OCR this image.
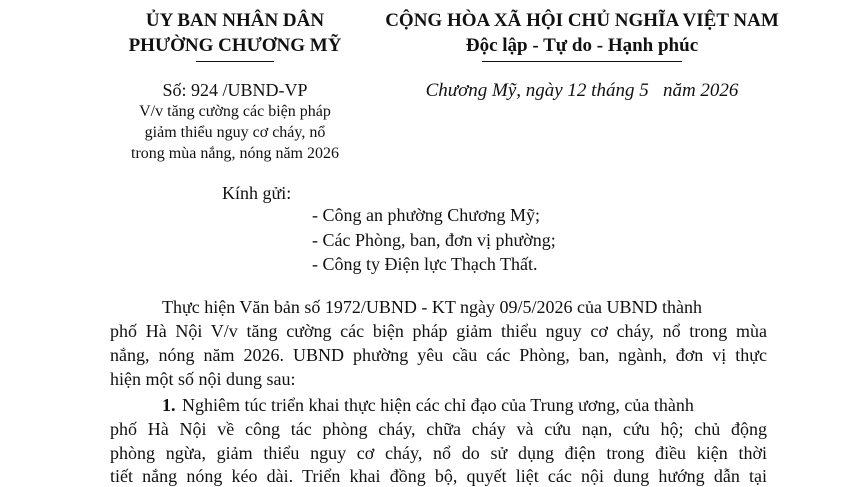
ỦY BAN NHÂN DÂN
PHƯỜNG CHƯƠNG MỸ
CỘNG HÒA XÃ HỘI CHỦ NGHĨA VIỆT NAM
Độc lập - Tự do - Hạnh phúc
Số: 924 /UBND-VP
V/v tăng cường các biện pháp
giảm thiểu nguy cơ cháy, nổ
trong mùa nắng, nóng năm 2026
Chương Mỹ, ngày 12 tháng 5   năm 2026
Kính gửi:
- Công an phường Chương Mỹ;
- Các Phòng, ban, đơn vị phường;
- Công ty Điện lực Thạch Thất.
Thực hiện Văn bản số 1972/UBND - KT ngày 09/5/2026 của UBND thành
phố Hà Nội V/v tăng cường các biện pháp giảm thiểu nguy cơ cháy, nổ trong mùa
nắng, nóng năm 2026. UBND phường yêu cầu các Phòng, ban, ngành, đơn vị thực
hiện một số nội dung sau:
1. Nghiêm túc triển khai thực hiện các chỉ đạo của Trung ương, của thành
phố Hà Nội về công tác phòng cháy, chữa cháy và cứu nạn, cứu hộ; chủ động
phòng ngừa, giảm thiểu nguy cơ cháy, nổ do sử dụng điện trong điều kiện thời
tiết nắng nóng kéo dài. Triển khai đồng bộ, quyết liệt các nội dung hướng dẫn tại
